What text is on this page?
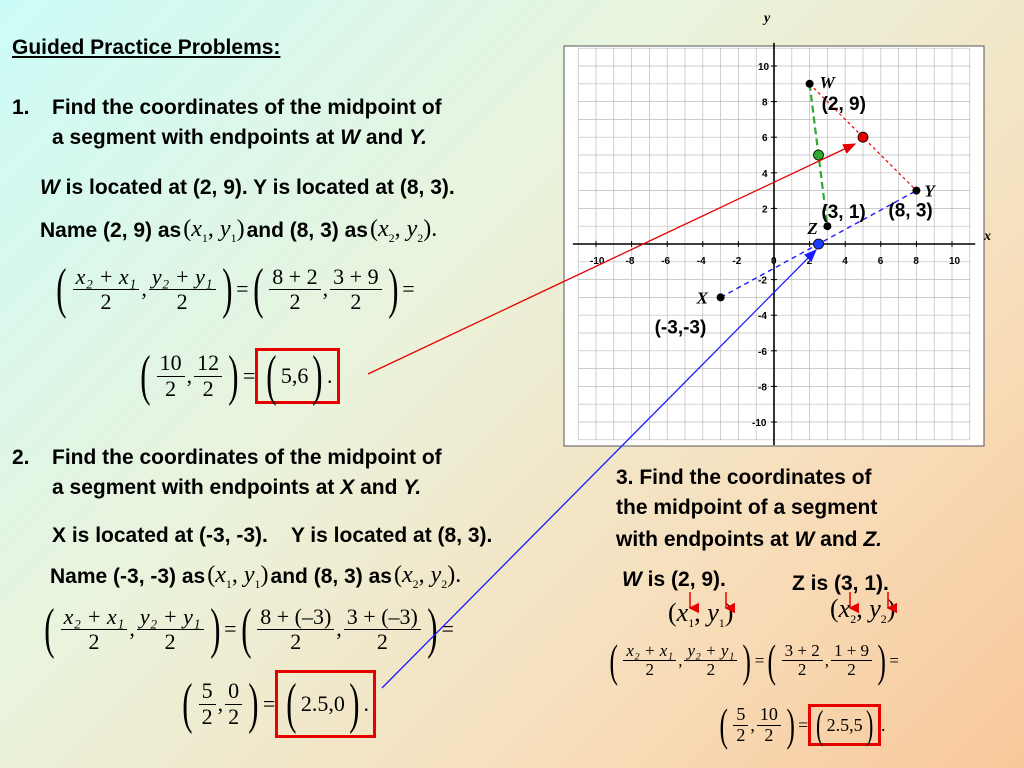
Guided Practice Problems:
1. Find the coordinates of the midpoint of
a segment with endpoints at W and Y.
W is located at (2, 9). Y is located at (8, 3).
Name (2, 9) as ($x_1$, $y_1$) and (8, 3) as ($x_2$, $y_2$).
( $\frac{\text{x₂ + x₁}}{2}$ , $\frac{\text{y₂ + y₁}}{2}$ ) = ( $\frac{8 + 2}{2}$ , $\frac{3 + 9}{2}$ ) =
( $\frac{10}{2}$ , $\frac{12}{2}$ ) = ( 5,6 ) .
2. Find the coordinates of the midpoint of
a segment with endpoints at X and Y.
X is located at (-3, -3).    Y is located at (8, 3).
Name (-3, -3) as ($x_1$, $y_1$) and (8, 3) as ($x_2$, $y_2$).
( $\frac{\text{x₂ + x₁}}{2}$ , $\frac{\text{y₂ + y₁}}{2}$ ) = ( $\frac{8 + (-3)}{2}$ , $\frac{3 + (-3)}{2}$ ) =
( $\frac{5}{2}$ , $\frac{0}{2}$ ) = ( 2.5,0 ) .
3. Find the coordinates of
the midpoint of a segment
with endpoints at W and Z.
W is (2, 9).	Z is (3, 1).
($x_1$, $y_1$)	($x_2$, $y_2$)
( $\frac{\text{x₂ + x₁}}{2}$ , $\frac{\text{y₂ + y₁}}{2}$ ) = ( $\frac{3 + 2}{2}$ , $\frac{1 + 9}{2}$ ) =
( $\frac{5}{2}$ , $\frac{10}{2}$ ) = ( 2.5,5 ) .
-10 -8	-6	-4	-2	0	2	4	6	8	10
10
8
6
4
2
-2
-4
-6
-8
-10
W
(2, 9)
Y
(8, 3)
Z
(3, 1)
X
(-3,-3)
x
y
